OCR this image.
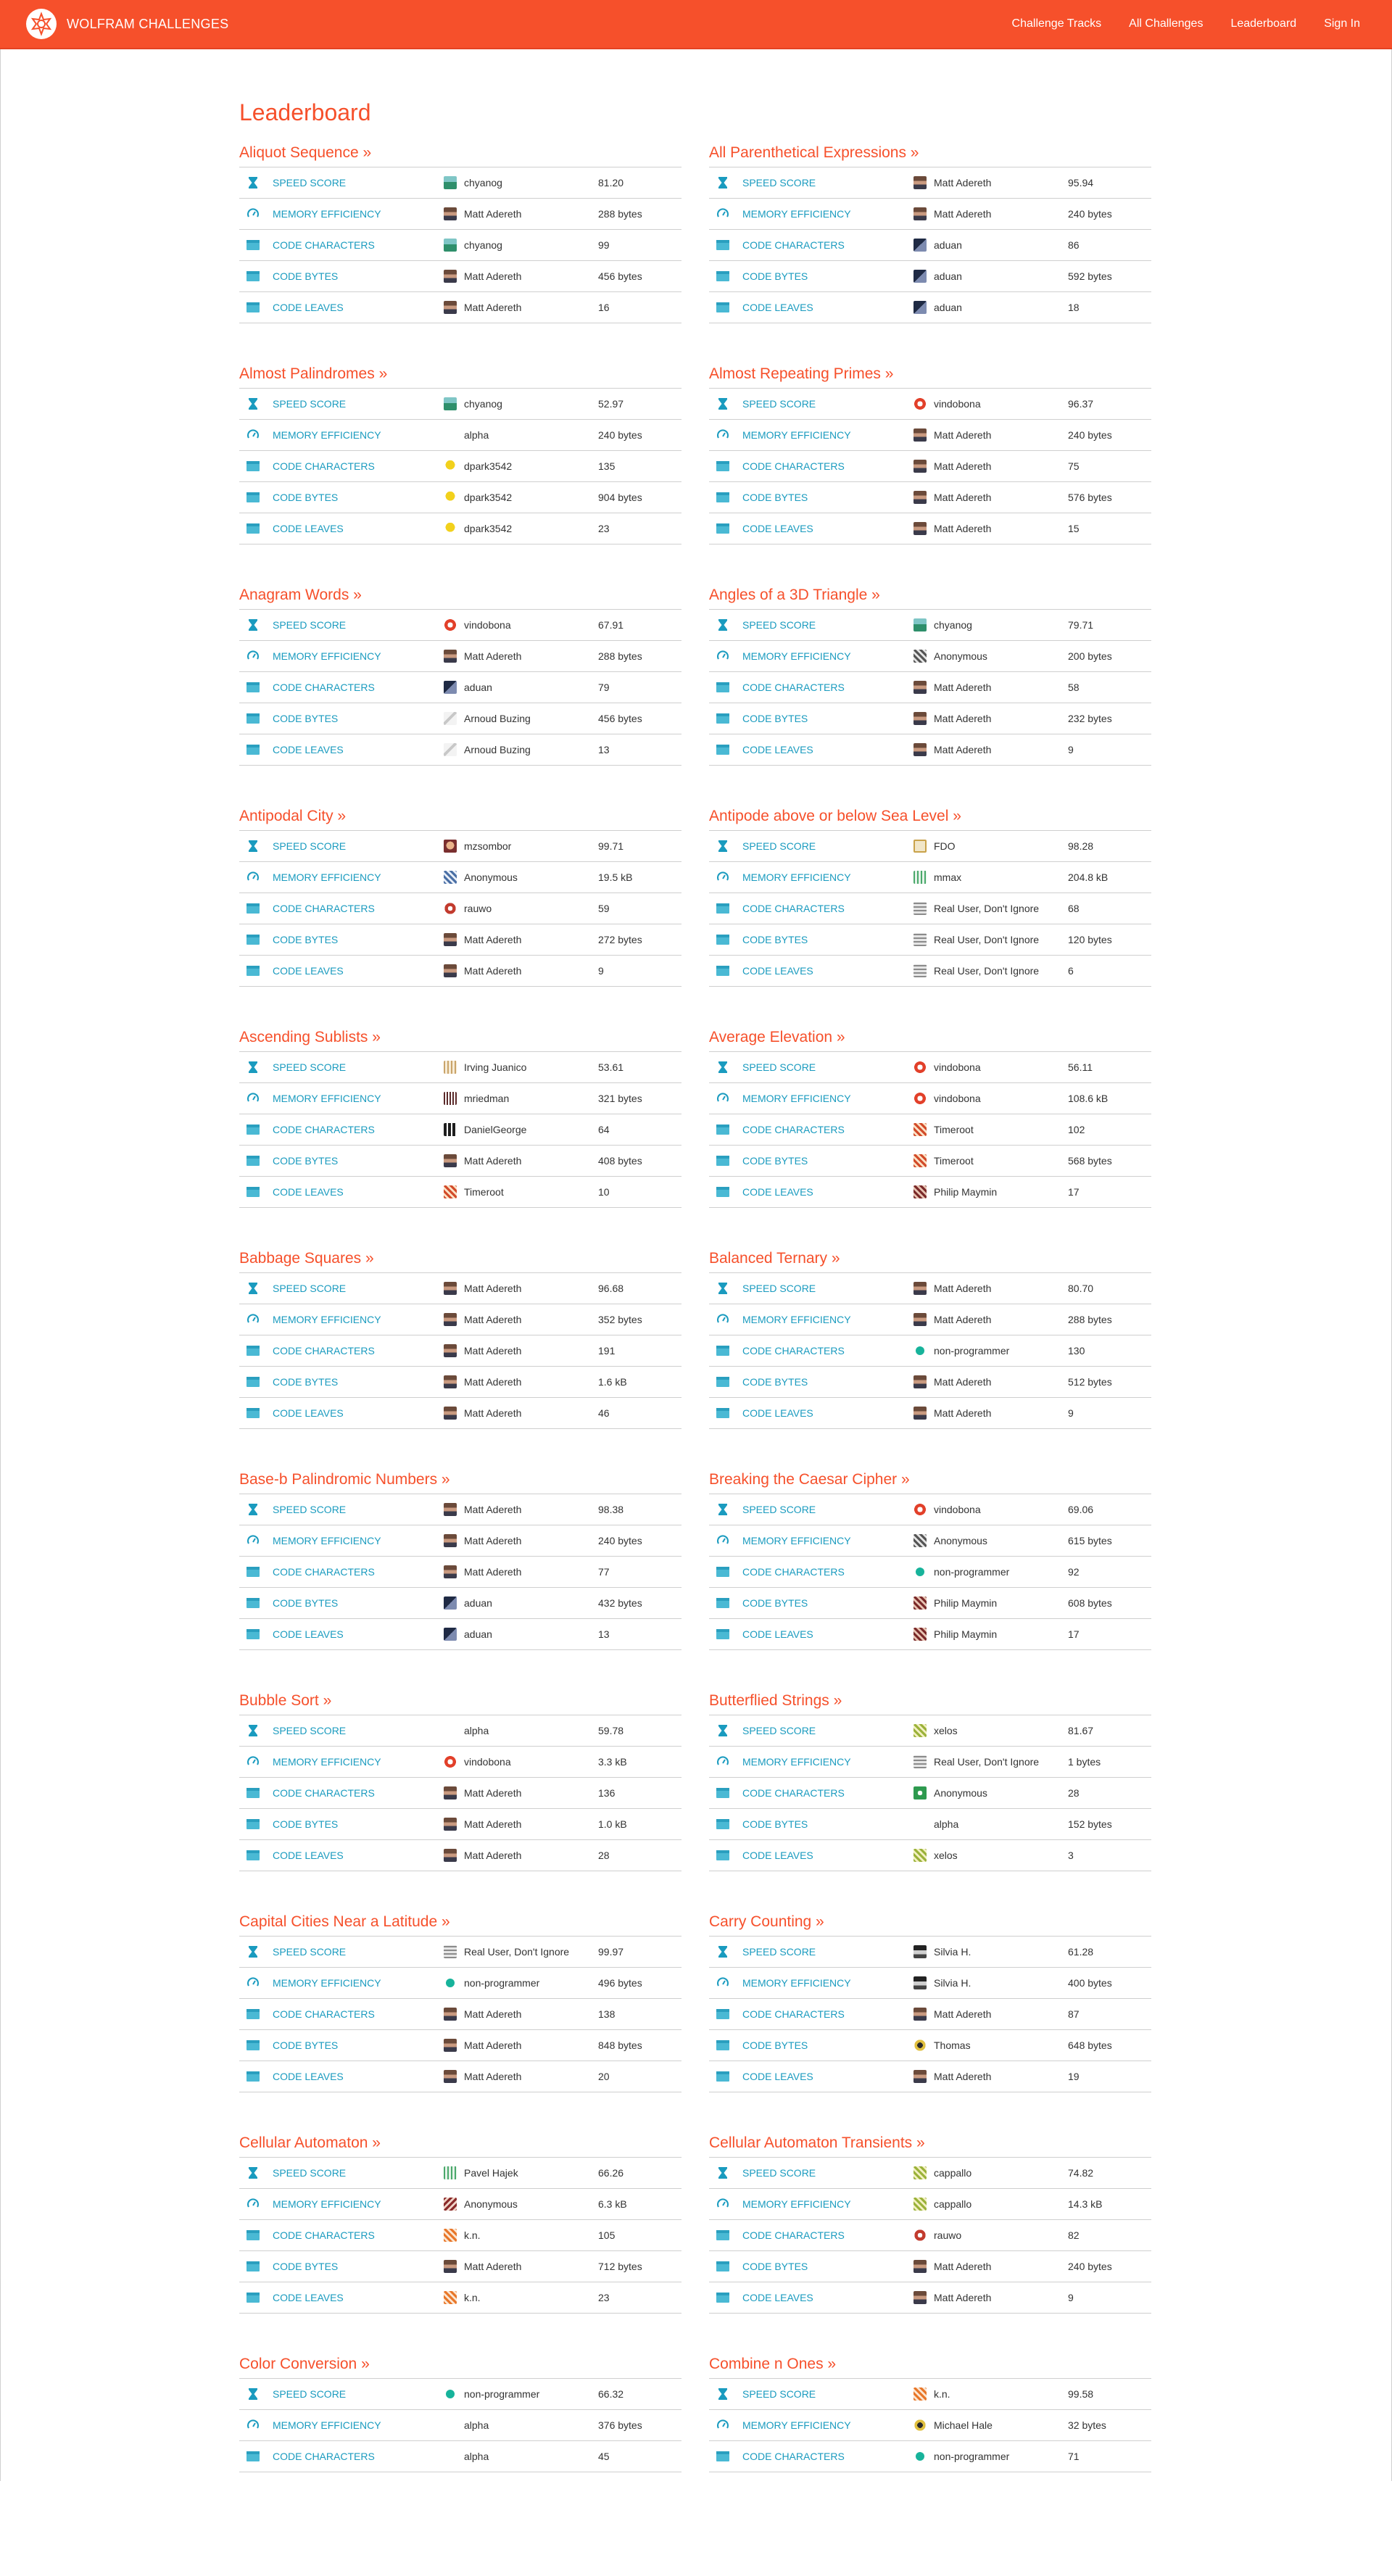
WOLFRAM CHALLENGES	Challenge Tracks All Challenges Leaderboard Sign In
Leaderboard
Aliquot Sequence »
SPEED SCORE	chyanog	81.20
MEMORY EFFICIENCY	Matt Adereth	288 bytes
CODE CHARACTERS	chyanog	99
CODE BYTES	Matt Adereth	456 bytes
CODE LEAVES	Matt Adereth	16
All Parenthetical Expressions »
SPEED SCORE	Matt Adereth	95.94
MEMORY EFFICIENCY	Matt Adereth	240 bytes
CODE CHARACTERS	aduan	86
CODE BYTES	aduan	592 bytes
CODE LEAVES	aduan	18
Almost Palindromes »
SPEED SCORE	chyanog	52.97
MEMORY EFFICIENCY	alpha	240 bytes
CODE CHARACTERS	dpark3542	135
CODE BYTES	dpark3542	904 bytes
CODE LEAVES	dpark3542	23
Almost Repeating Primes »
SPEED SCORE	vindobona	96.37
MEMORY EFFICIENCY	Matt Adereth	240 bytes
CODE CHARACTERS	Matt Adereth	75
CODE BYTES	Matt Adereth	576 bytes
CODE LEAVES	Matt Adereth	15
Anagram Words »
SPEED SCORE	vindobona	67.91
MEMORY EFFICIENCY	Matt Adereth	288 bytes
CODE CHARACTERS	aduan	79
CODE BYTES	Arnoud Buzing	456 bytes
CODE LEAVES	Arnoud Buzing	13
Angles of a 3D Triangle »
SPEED SCORE	chyanog	79.71
MEMORY EFFICIENCY	Anonymous	200 bytes
CODE CHARACTERS	Matt Adereth	58
CODE BYTES	Matt Adereth	232 bytes
CODE LEAVES	Matt Adereth	9
Antipodal City »
SPEED SCORE	mzsombor	99.71
MEMORY EFFICIENCY	Anonymous	19.5 kB
CODE CHARACTERS	rauwo	59
CODE BYTES	Matt Adereth	272 bytes
CODE LEAVES	Matt Adereth	9
Antipode above or below Sea Level »
SPEED SCORE	FDO	98.28
MEMORY EFFICIENCY	mmax	204.8 kB
CODE CHARACTERS	Real User, Don't Ignore	68
CODE BYTES	Real User, Don't Ignore	120 bytes
CODE LEAVES	Real User, Don't Ignore	6
Ascending Sublists »
SPEED SCORE	Irving Juanico	53.61
MEMORY EFFICIENCY	mriedman	321 bytes
CODE CHARACTERS	DanielGeorge	64
CODE BYTES	Matt Adereth	408 bytes
CODE LEAVES	Timeroot	10
Average Elevation »
SPEED SCORE	vindobona	56.11
MEMORY EFFICIENCY	vindobona	108.6 kB
CODE CHARACTERS	Timeroot	102
CODE BYTES	Timeroot	568 bytes
CODE LEAVES	Philip Maymin	17
Babbage Squares »
SPEED SCORE	Matt Adereth	96.68
MEMORY EFFICIENCY	Matt Adereth	352 bytes
CODE CHARACTERS	Matt Adereth	191
CODE BYTES	Matt Adereth	1.6 kB
CODE LEAVES	Matt Adereth	46
Balanced Ternary »
SPEED SCORE	Matt Adereth	80.70
MEMORY EFFICIENCY	Matt Adereth	288 bytes
CODE CHARACTERS	non-programmer	130
CODE BYTES	Matt Adereth	512 bytes
CODE LEAVES	Matt Adereth	9
Base-b Palindromic Numbers »
SPEED SCORE	Matt Adereth	98.38
MEMORY EFFICIENCY	Matt Adereth	240 bytes
CODE CHARACTERS	Matt Adereth	77
CODE BYTES	aduan	432 bytes
CODE LEAVES	aduan	13
Breaking the Caesar Cipher »
SPEED SCORE	vindobona	69.06
MEMORY EFFICIENCY	Anonymous	615 bytes
CODE CHARACTERS	non-programmer	92
CODE BYTES	Philip Maymin	608 bytes
CODE LEAVES	Philip Maymin	17
Bubble Sort »
SPEED SCORE	alpha	59.78
MEMORY EFFICIENCY	vindobona	3.3 kB
CODE CHARACTERS	Matt Adereth	136
CODE BYTES	Matt Adereth	1.0 kB
CODE LEAVES	Matt Adereth	28
Butterflied Strings »
SPEED SCORE	xelos	81.67
MEMORY EFFICIENCY	Real User, Don't Ignore	1 bytes
CODE CHARACTERS	Anonymous	28
CODE BYTES	alpha	152 bytes
CODE LEAVES	xelos	3
Capital Cities Near a Latitude »
SPEED SCORE	Real User, Don't Ignore	99.97
MEMORY EFFICIENCY	non-programmer	496 bytes
CODE CHARACTERS	Matt Adereth	138
CODE BYTES	Matt Adereth	848 bytes
CODE LEAVES	Matt Adereth	20
Carry Counting »
SPEED SCORE	Silvia H.	61.28
MEMORY EFFICIENCY	Silvia H.	400 bytes
CODE CHARACTERS	Matt Adereth	87
CODE BYTES	Thomas	648 bytes
CODE LEAVES	Matt Adereth	19
Cellular Automaton »
SPEED SCORE	Pavel Hajek	66.26
MEMORY EFFICIENCY	Anonymous	6.3 kB
CODE CHARACTERS	k.n.	105
CODE BYTES	Matt Adereth	712 bytes
CODE LEAVES	k.n.	23
Cellular Automaton Transients »
SPEED SCORE	cappallo	74.82
MEMORY EFFICIENCY	cappallo	14.3 kB
CODE CHARACTERS	rauwo	82
CODE BYTES	Matt Adereth	240 bytes
CODE LEAVES	Matt Adereth	9
Color Conversion »
SPEED SCORE	non-programmer	66.32
MEMORY EFFICIENCY	alpha	376 bytes
CODE CHARACTERS	alpha	45
Combine n Ones »
SPEED SCORE	k.n.	99.58
MEMORY EFFICIENCY	Michael Hale	32 bytes
CODE CHARACTERS	non-programmer	71
